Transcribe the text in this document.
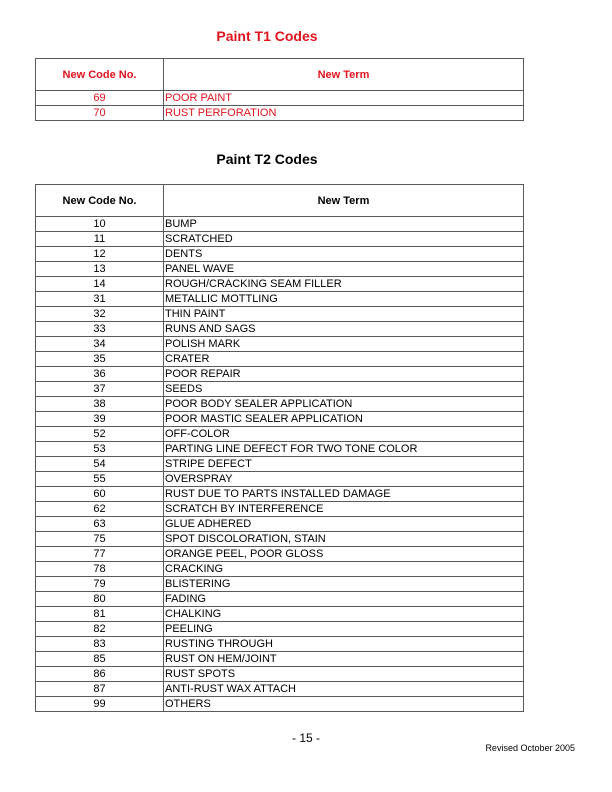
Paint T1 Codes
New Code No.	New Term
69	POOR PAINT
70	RUST PERFORATION
Paint T2 Codes
New Code No.	New Term
10	BUMP
11	SCRATCHED
12	DENTS
13	PANEL WAVE
14	ROUGH/CRACKING SEAM FILLER
31	METALLIC MOTTLING
32	THIN PAINT
33	RUNS AND SAGS
34	POLISH MARK
35	CRATER
36	POOR REPAIR
37	SEEDS
38	POOR BODY SEALER APPLICATION
39	POOR MASTIC SEALER APPLICATION
52	OFF-COLOR
53	PARTING LINE DEFECT FOR TWO TONE COLOR
54	STRIPE DEFECT
55	OVERSPRAY
60	RUST DUE TO PARTS INSTALLED DAMAGE
62	SCRATCH BY INTERFERENCE
63	GLUE ADHERED
75	SPOT DISCOLORATION, STAIN
77	ORANGE PEEL, POOR GLOSS
78	CRACKING
79	BLISTERING
80	FADING
81	CHALKING
82	PEELING
83	RUSTING THROUGH
85	RUST ON HEM/JOINT
86	RUST SPOTS
87	ANTI-RUST WAX ATTACH
99	OTHERS
- 15 -
Revised October 2005
